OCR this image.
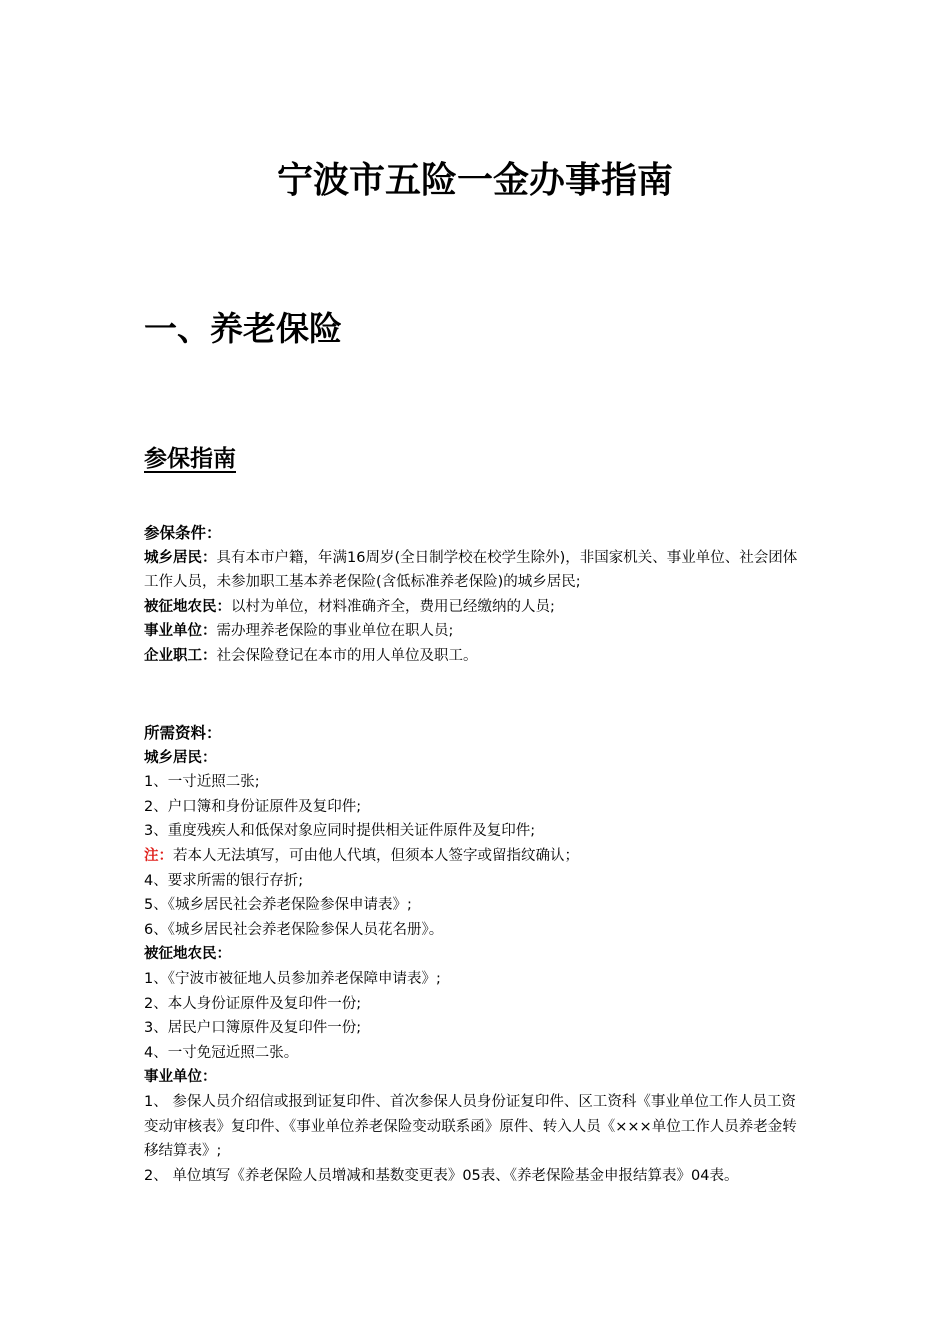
宁波市五险一金办事指南
一、养老保险
参保指南
参保条件：
城乡居民：具有本市户籍，年满16周岁(全日制学校在校学生除外)，非国家机关、事业单位、社会团体工作人员，未参加职工基本养老保险(含低标准养老保险)的城乡居民;
被征地农民：以村为单位，材料准确齐全，费用已经缴纳的人员;
事业单位：需办理养老保险的事业单位在职人员;
企业职工：社会保险登记在本市的用人单位及职工。
所需资料：
城乡居民：
1、一寸近照二张;
2、户口簿和身份证原件及复印件;
3、重度残疾人和低保对象应同时提供相关证件原件及复印件;
注：若本人无法填写，可由他人代填，但须本人签字或留指纹确认；
4、要求所需的银行存折;
5、《城乡居民社会养老保险参保申请表》;
6、《城乡居民社会养老保险参保人员花名册》。
被征地农民：
1、《宁波市被征地人员参加养老保障申请表》;
2、本人身份证原件及复印件一份;
3、居民户口簿原件及复印件一份;
4、一寸免冠近照二张。
事业单位：
1、 参保人员介绍信或报到证复印件、首次参保人员身份证复印件、区工资科《事业单位工作人员工资变动审核表》复印件、《事业单位养老保险变动联系函》原件、转入人员《×××单位工作人员养老金转移结算表》;
2、 单位填写《养老保险人员增减和基数变更表》05表、《养老保险基金申报结算表》04表。
